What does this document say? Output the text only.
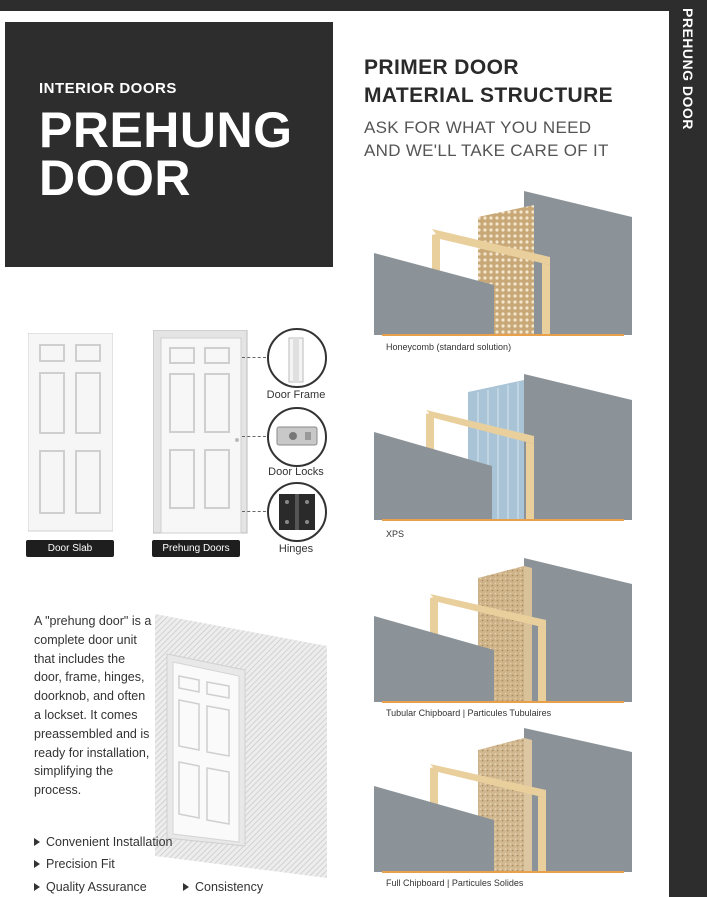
PREHUNG DOOR
INTERIOR DOORS
PREHUNG
DOOR
PRIMER DOOR
MATERIAL STRUCTURE
ASK FOR WHAT YOU NEED
AND WE'LL TAKE CARE OF IT
Door Slab	Prehung Doors
Door Frame
Door Locks
Hinges
A "prehung door" is a complete door unit that includes the door, frame, hinges, doorknob, and often a lockset. It comes preassembled and is ready for installation, simplifying the process.
Convenient Installation
Precision Fit
Quality Assurance	Consistency
Honeycomb (standard solution)
XPS
Tubular Chipboard | Particules Tubulaires
Full Chipboard | Particules Solides
